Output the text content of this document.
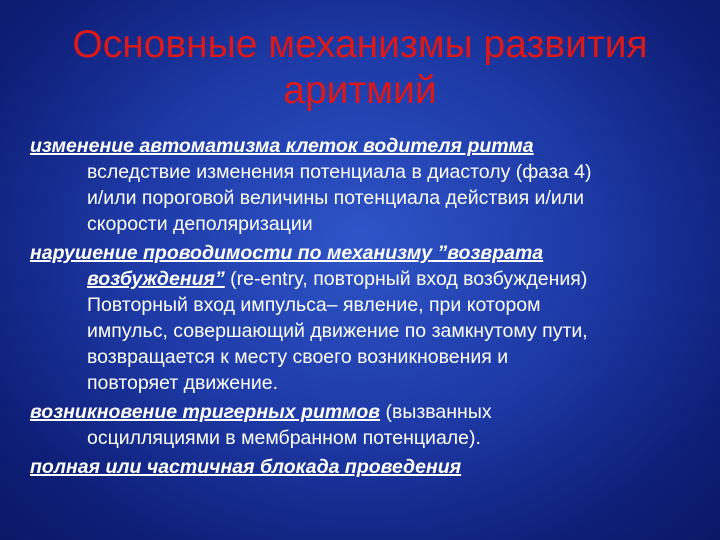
Основные механизмы развития
аритмий
изменение автоматизма клеток водителя ритма
вследствие изменения потенциала в диастолу (фаза 4)
и/или пороговой величины потенциала действия и/или
скорости деполяризации
нарушение проводимости по механизму ”возврата
возбуждения” (re-entry, повторный вход возбуждения)
Повторный вход импульса– явление, при котором
импульс, совершающий движение по замкнутому пути,
возвращается к месту своего возникновения и
повторяет движение.
возникновение тригерных ритмов (вызванных
осцилляциями в мембранном потенциале).
полная или частичная блокада проведения
